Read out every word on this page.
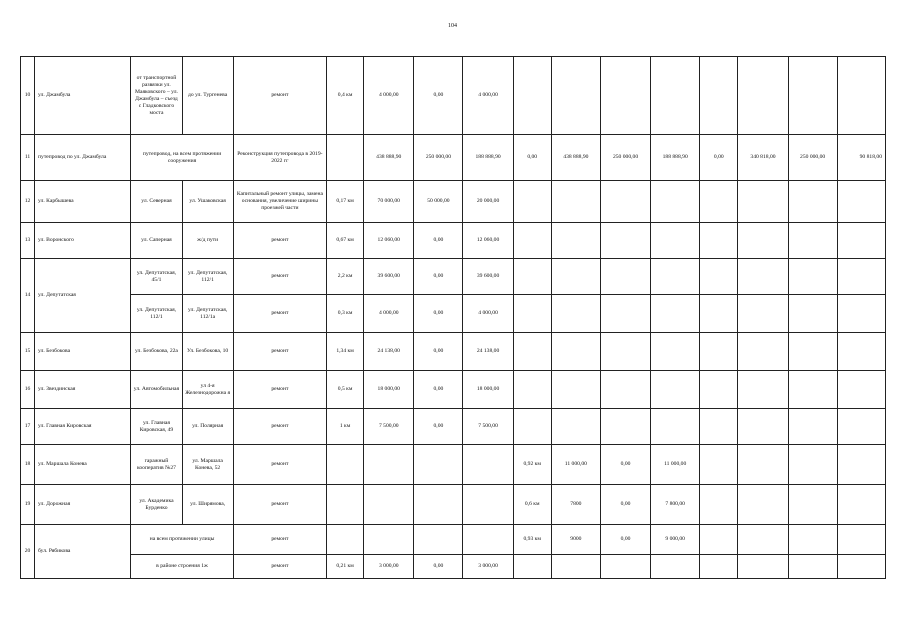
104
10	ул. Джамбула	от транспортной развязки ул. Маяковского – ул. Джамбула – съезд с Гладковского моста	до ул. Тургенева	ремонт	0,4 км	4 000,00	0,00	4 000,00								
11	путепровод по ул. Джамбула	путепровод, на всем протяжении сооружения		Реконструкция путепровода в 2019-2022 гг		438 888,90	250 000,00	188 888,90	0,00	438 888,90	250 000,00	188 888,90	0,00	340 818,00	250 000,00	90 818,00
12	ул. Карбышева	ул. Северная	ул. Ушаковская	Капитальный ремонт улицы, замена основания, увеличение ширины проезжей части	0,17 км	70 000,00	50 000,00	20 000,00								
13	ул. Воронского	ул. Саперная	ж/д пути	ремонт	0,67 км	12 060,00	0,00	12 060,00								
14	ул. Депутатская	ул. Депутатская, 45/1	ул. Депутатская, 112/1	ремонт	2,2 км	39 600,00	0,00	39 600,00								
		ул. Депутатская, 112/1	ул. Депутатская, 112/1а	ремонт	0,3 км	4 000,00	0,00	4 000,00								
15	ул. Безбокова	ул. Безбокова, 22а	Ул. Безбокова, 10	ремонт	1,34 км	24 138,00	0,00	24 138,00								
16	ул. Звездинская	ул. Автомобильная	ул 4-я Железнодорожна я	ремонт	0,5 км	18 000,00	0,00	18 000,00								
17	ул. Главная Кировская	ул. Главная Кировская, 49	ул. Полярная	ремонт	1 км	7 500,00	0,00	7 500,00								
18	ул. Маршала Конева	гаражный кооператив №27	ул. Маршала Конева, 52	ремонт					0,92 км	11 000,00	0,00	11 000,00				
19	ул. Дорожная	ул. Академика Бурденко	ул. Ширямова,	ремонт					0,6 км	7800	0,00	7 800,00				
20	бул. Рябикова	на всем протяжении улицы		ремонт					0,93 км	9000	0,00	9 000,00				
		в районе строения 1ж		ремонт	0,21 км	3 000,00	0,00	3 000,00								
